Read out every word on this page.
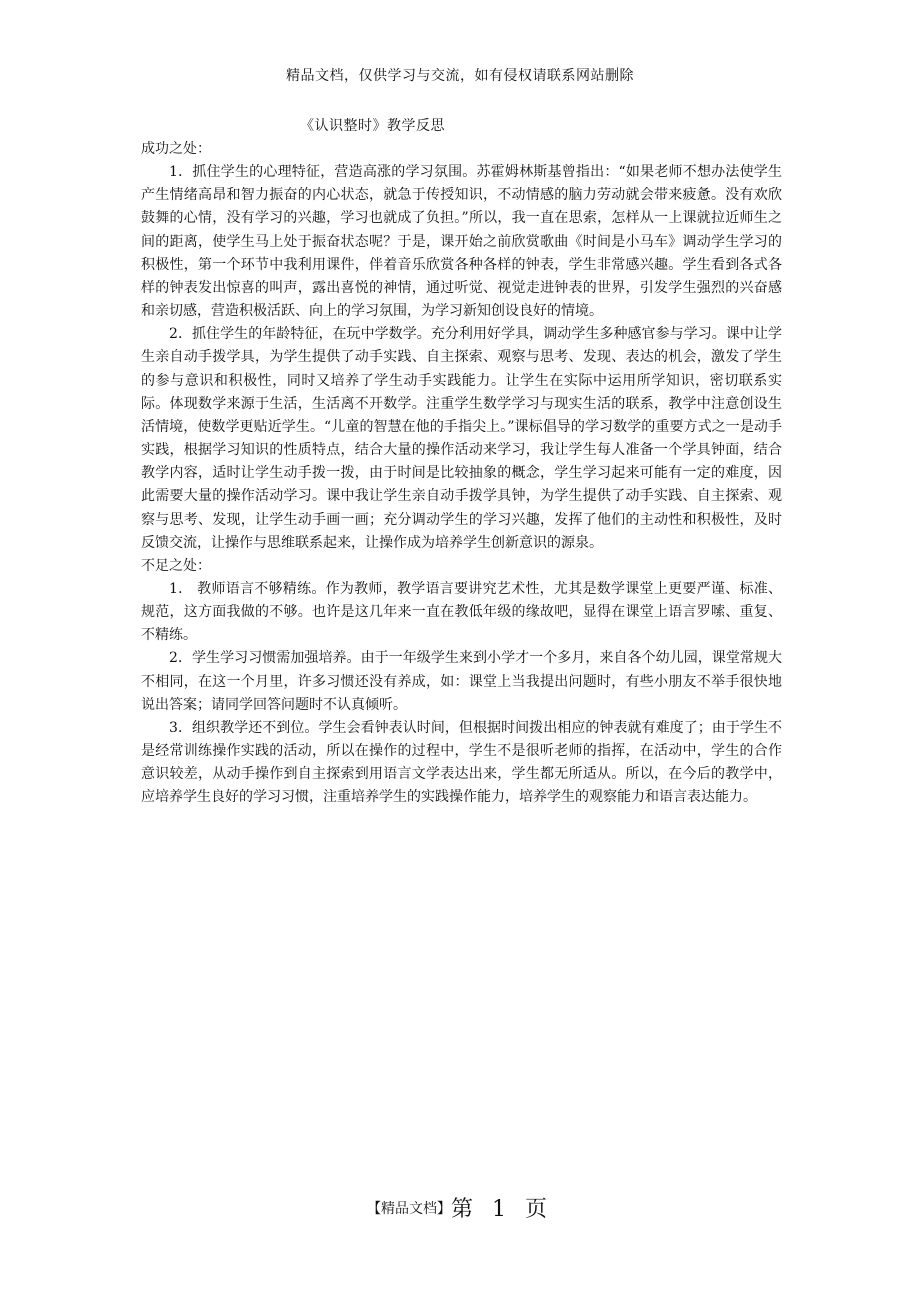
精品文档，仅供学习与交流，如有侵权请联系网站删除
《认识整时》教学反思

成功之处：

1．抓住学生的心理特征，营造高涨的学习氛围。苏霍姆林斯基曾指出：“如果老师不想办法使学生产生情绪高昂和智力振奋的内心状态，就急于传授知识，不动情感的脑力劳动就会带来疲惫。没有欢欣鼓舞的心情，没有学习的兴趣，学习也就成了负担。”所以，我一直在思索，怎样从一上课就拉近师生之间的距离，使学生马上处于振奋状态呢？于是，课开始之前欣赏歌曲《时间是小马车》调动学生学习的积极性，第一个环节中我利用课件，伴着音乐欣赏各种各样的钟表，学生非常感兴趣。学生看到各式各样的钟表发出惊喜的叫声，露出喜悦的神情，通过听觉、视觉走进钟表的世界，引发学生强烈的兴奋感和亲切感，营造积极活跃、向上的学习氛围，为学习新知创设良好的情境。

2．抓住学生的年龄特征，在玩中学数学。充分利用好学具，调动学生多种感官参与学习。课中让学生亲自动手拨学具，为学生提供了动手实践、自主探索、观察与思考、发现、表达的机会，激发了学生的参与意识和积极性，同时又培养了学生动手实践能力。让学生在实际中运用所学知识，密切联系实际。体现数学来源于生活，生活离不开数学。注重学生数学学习与现实生活的联系，教学中注意创设生活情境，使数学更贴近学生。“儿童的智慧在他的手指尖上。”课标倡导的学习数学的重要方式之一是动手实践，根据学习知识的性质特点，结合大量的操作活动来学习，我让学生每人准备一个学具钟面，结合教学内容，适时让学生动手拨一拨，由于时间是比较抽象的概念，学生学习起来可能有一定的难度，因此需要大量的操作活动学习。课中我让学生亲自动手拨学具钟，为学生提供了动手实践、自主探索、观察与思考、发现，让学生动手画一画；充分调动学生的学习兴趣，发挥了他们的主动性和积极性，及时反馈交流，让操作与思维联系起来，让操作成为培养学生创新意识的源泉。

不足之处：

1． 教师语言不够精练。作为教师，教学语言要讲究艺术性，尤其是数学课堂上更要严谨、标准、规范，这方面我做的不够。也许是这几年来一直在教低年级的缘故吧，显得在课堂上语言罗嗦、重复、不精练。

2．学生学习习惯需加强培养。由于一年级学生来到小学才一个多月，来自各个幼儿园，课堂常规大不相同，在这一个月里，许多习惯还没有养成，如：课堂上当我提出问题时，有些小朋友不举手很快地说出答案；请同学回答问题时不认真倾听。

3．组织教学还不到位。学生会看钟表认时间，但根据时间拨出相应的钟表就有难度了；由于学生不是经常训练操作实践的活动，所以在操作的过程中，学生不是很听老师的指挥，在活动中，学生的合作意识较差，从动手操作到自主探索到用语言文学表达出来，学生都无所适从。所以，在今后的教学中，应培养学生良好的学习习惯，注重培养学生的实践操作能力，培养学生的观察能力和语言表达能力。

【精品文档】第 1 页
